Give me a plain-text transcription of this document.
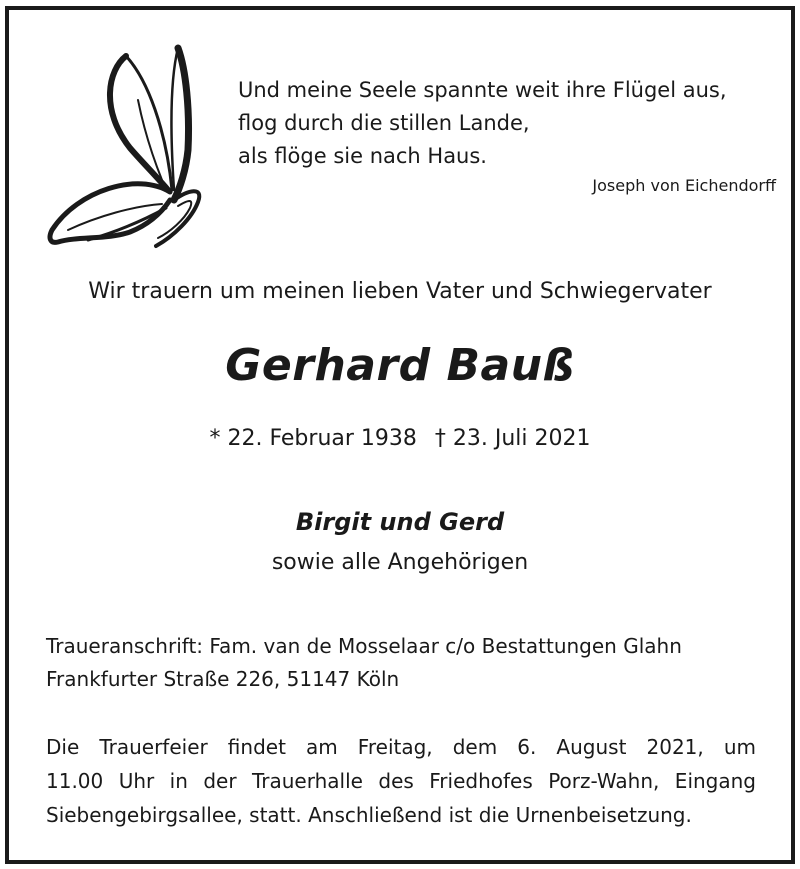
Und meine Seele spannte weit ihre Flügel aus,
flog durch die stillen Lande,
als flöge sie nach Haus.
Joseph von Eichendorff
Wir trauern um meinen lieben Vater und Schwiegervater
Gerhard Bauß
* 22. Februar 1938 † 23. Juli 2021
Birgit und Gerd
sowie alle Angehörigen
Traueranschrift: Fam. van de Mosselaar c/o Bestattungen Glahn
Frankfurter Straße 226, 51147 Köln
Die Trauerfeier findet am Freitag, dem 6. August 2021, um
11.00 Uhr in der Trauerhalle des Friedhofes Porz-Wahn, Eingang
Siebengebirgsallee, statt. Anschließend ist die Urnenbeisetzung.
